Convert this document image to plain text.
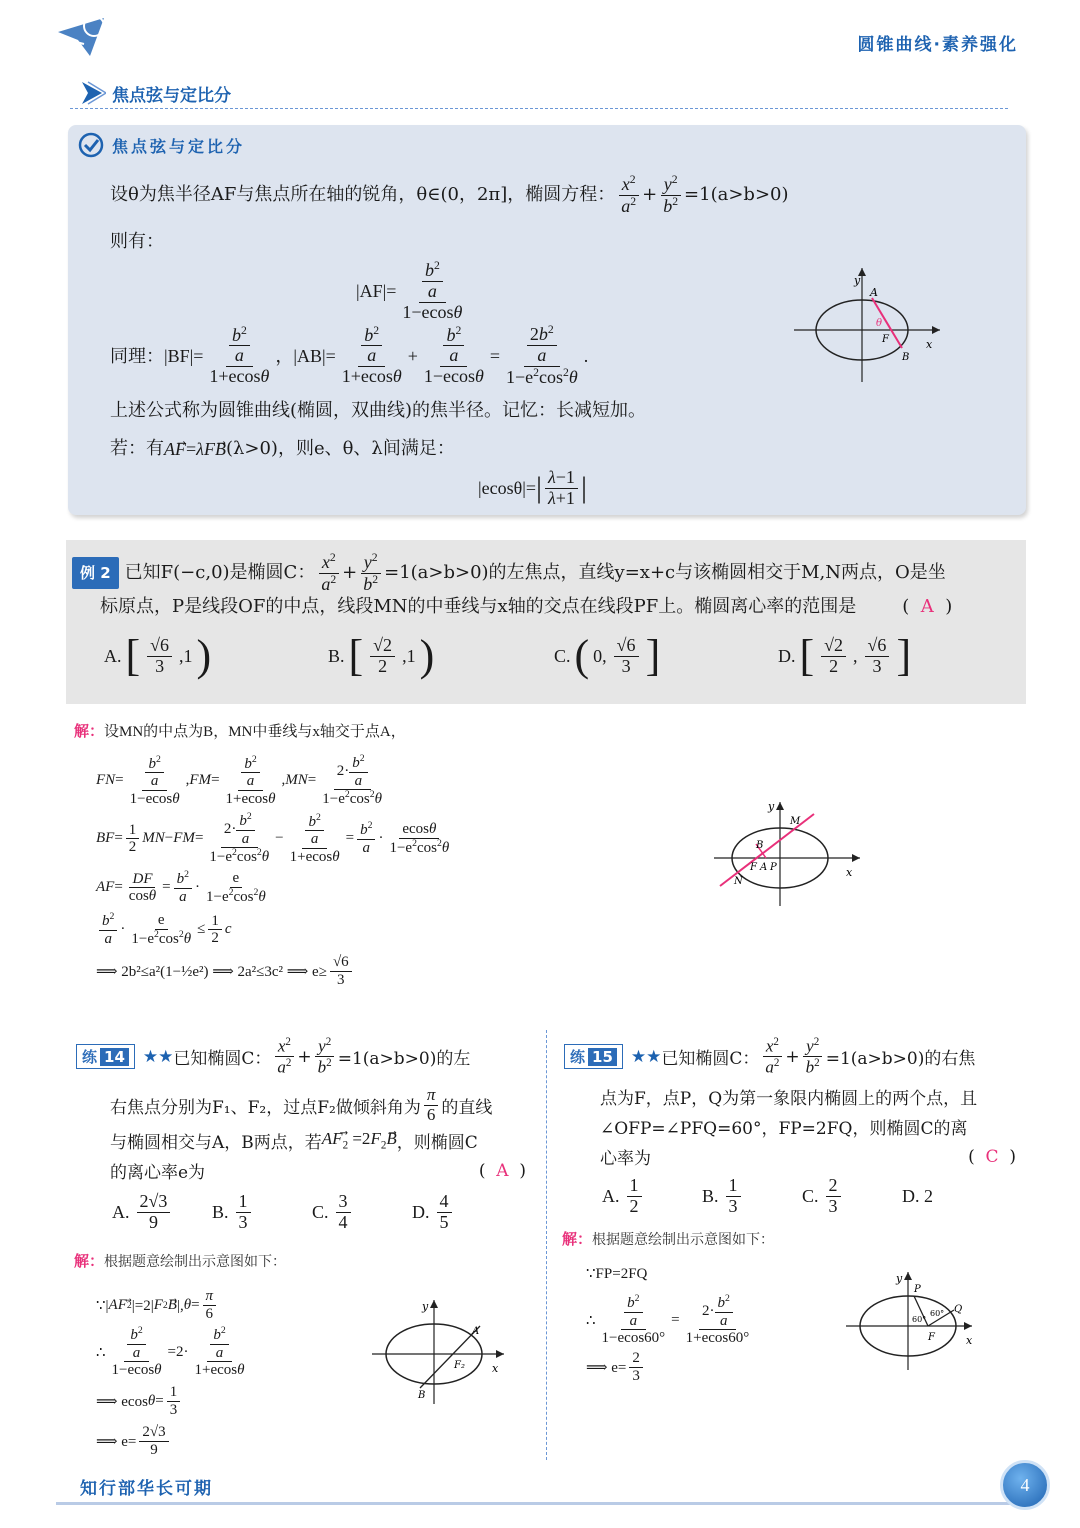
圆锥曲线·素养强化
焦点弦与定比分
焦点弦与定比分
设θ为焦半径AF与焦点所在轴的锐角，θ∈(0，2π]，椭圆方程：
$x^2$
$a^2 + \frac{y^2}{b^2} =1(a>b>0)$
则有：
$|AF|= \frac{\frac{b^2}{a}}{1-ecos\theta}$
同理：$|BF|= \frac{\frac{b^2}{a}}{1+ecos\theta}$ ，$|AB|= \frac{\frac{b^2}{a}}{1+ecos\theta} + \frac{b^2}{a}$
1−ecosθ
= $\frac{2b^2}{a}$
$1-e^2\cos^2\theta$
.
上述公式称为圆锥曲线(椭圆，双曲线)的焦半径。记忆：长减短加。
若：有 AF⃗=λFB (λ>0)，则e、θ、λ间满足：
|ecosθ|= | λ−1
λ+1 |
y
A
θ
F
B
x
例 2 已知F(−c,0)是椭圆C：
$x^2$
$a^2 + \frac{y^2}{b^2} =1(a>b>0)$的左焦点，直线y=x+c与该椭圆相交于M,N两点，O是坐
标原点，P是线段OF的中点，线段MN的中垂线与x轴的交点在线段PF上。椭圆离心率的范围是	(  A  )
A. [ √6
3 ,1 )	B. [ √2
2 ,1 )	C. ( 0,
√6
3 ]	D. [ √2
2 ,
√6
3 ]
解： 设MN的中点为B，MN中垂线与x轴交于点A，
FN = $\frac{b^2}{a}$
1−ecosθ
, FM = $\frac{b^2}{a}$
1+ecosθ
, MN =
$2\cdot \frac{b^2}{a}$
$1-e^2\cos^2\theta$
BF =
1
2
MN − FM =
$2\cdot \frac{b^2}{a}$
$1-e^2\cos^2\theta$
− $\frac{b^2}{a}$
1+ecosθ
= $b^2$
a
·
ecosθ
$1-e^2\cos^2\theta$
AF =
DF
cosθ
= $b^2$
a
·
e
$1-e^2\cos^2\theta$
$b^2$
a
·
e
$1-e^2\cos^2\theta$
≤
1
2
c
⟹ 2b²≤a²(1−½e²) ⟹ 2a²≤3c² ⟹ $e\ge \frac{√6}{3}$
y
M
B
F A P
N
x
练 14	★★ 已知椭圆C：
$x^2$
$a^2 + \frac{y^2}{b^2} =1(a>b>0)$的左
右焦点分别为F₁、F₂，过点F₂做倾斜角为
π
6 的直线
与椭圆相交与A，B两点，若 $AF_2⃗ =2F_2B$ ，则椭圆C
的离心率e为	(  A  )
A.
2√3
9	B.
1
3	C.
3
4	D.
4
5
解： 根据题意绘制出示意图如下：
∵| AF 2 ⃗|=2| F 2 B ⃗|, θ =
π
6
∴ $\frac{b^2}{a}$
1−ecosθ
$=2\cdot \frac{b^2}{a}$
1+ecosθ
⟹ ecos θ =
1
3
⟹ e=
2√3
9
y
A
F₂
B
x
练 15	★★ 已知椭圆C：
$x^2$
$a^2 + \frac{y^2}{b^2} =1(a>b>0)$的右焦
点为F，点P，Q为第一象限内椭圆上的两个点，且
∠OFP=∠PFQ=60°，FP=2FQ，则椭圆C的离
心率为	(  C  )
A.
1
2	B.
1
3	C.
2
3	D. 2
解： 根据题意绘制出示意图如下：
∵FP=2FQ
∴ $\frac{b^2}{a}$
1−ecos60°
=
$2\cdot \frac{b^2}{a}$
1+ecos60°
⟹ e=
2
3
y
P
Q
60°
60°
F	x
知行部华长可期	4
